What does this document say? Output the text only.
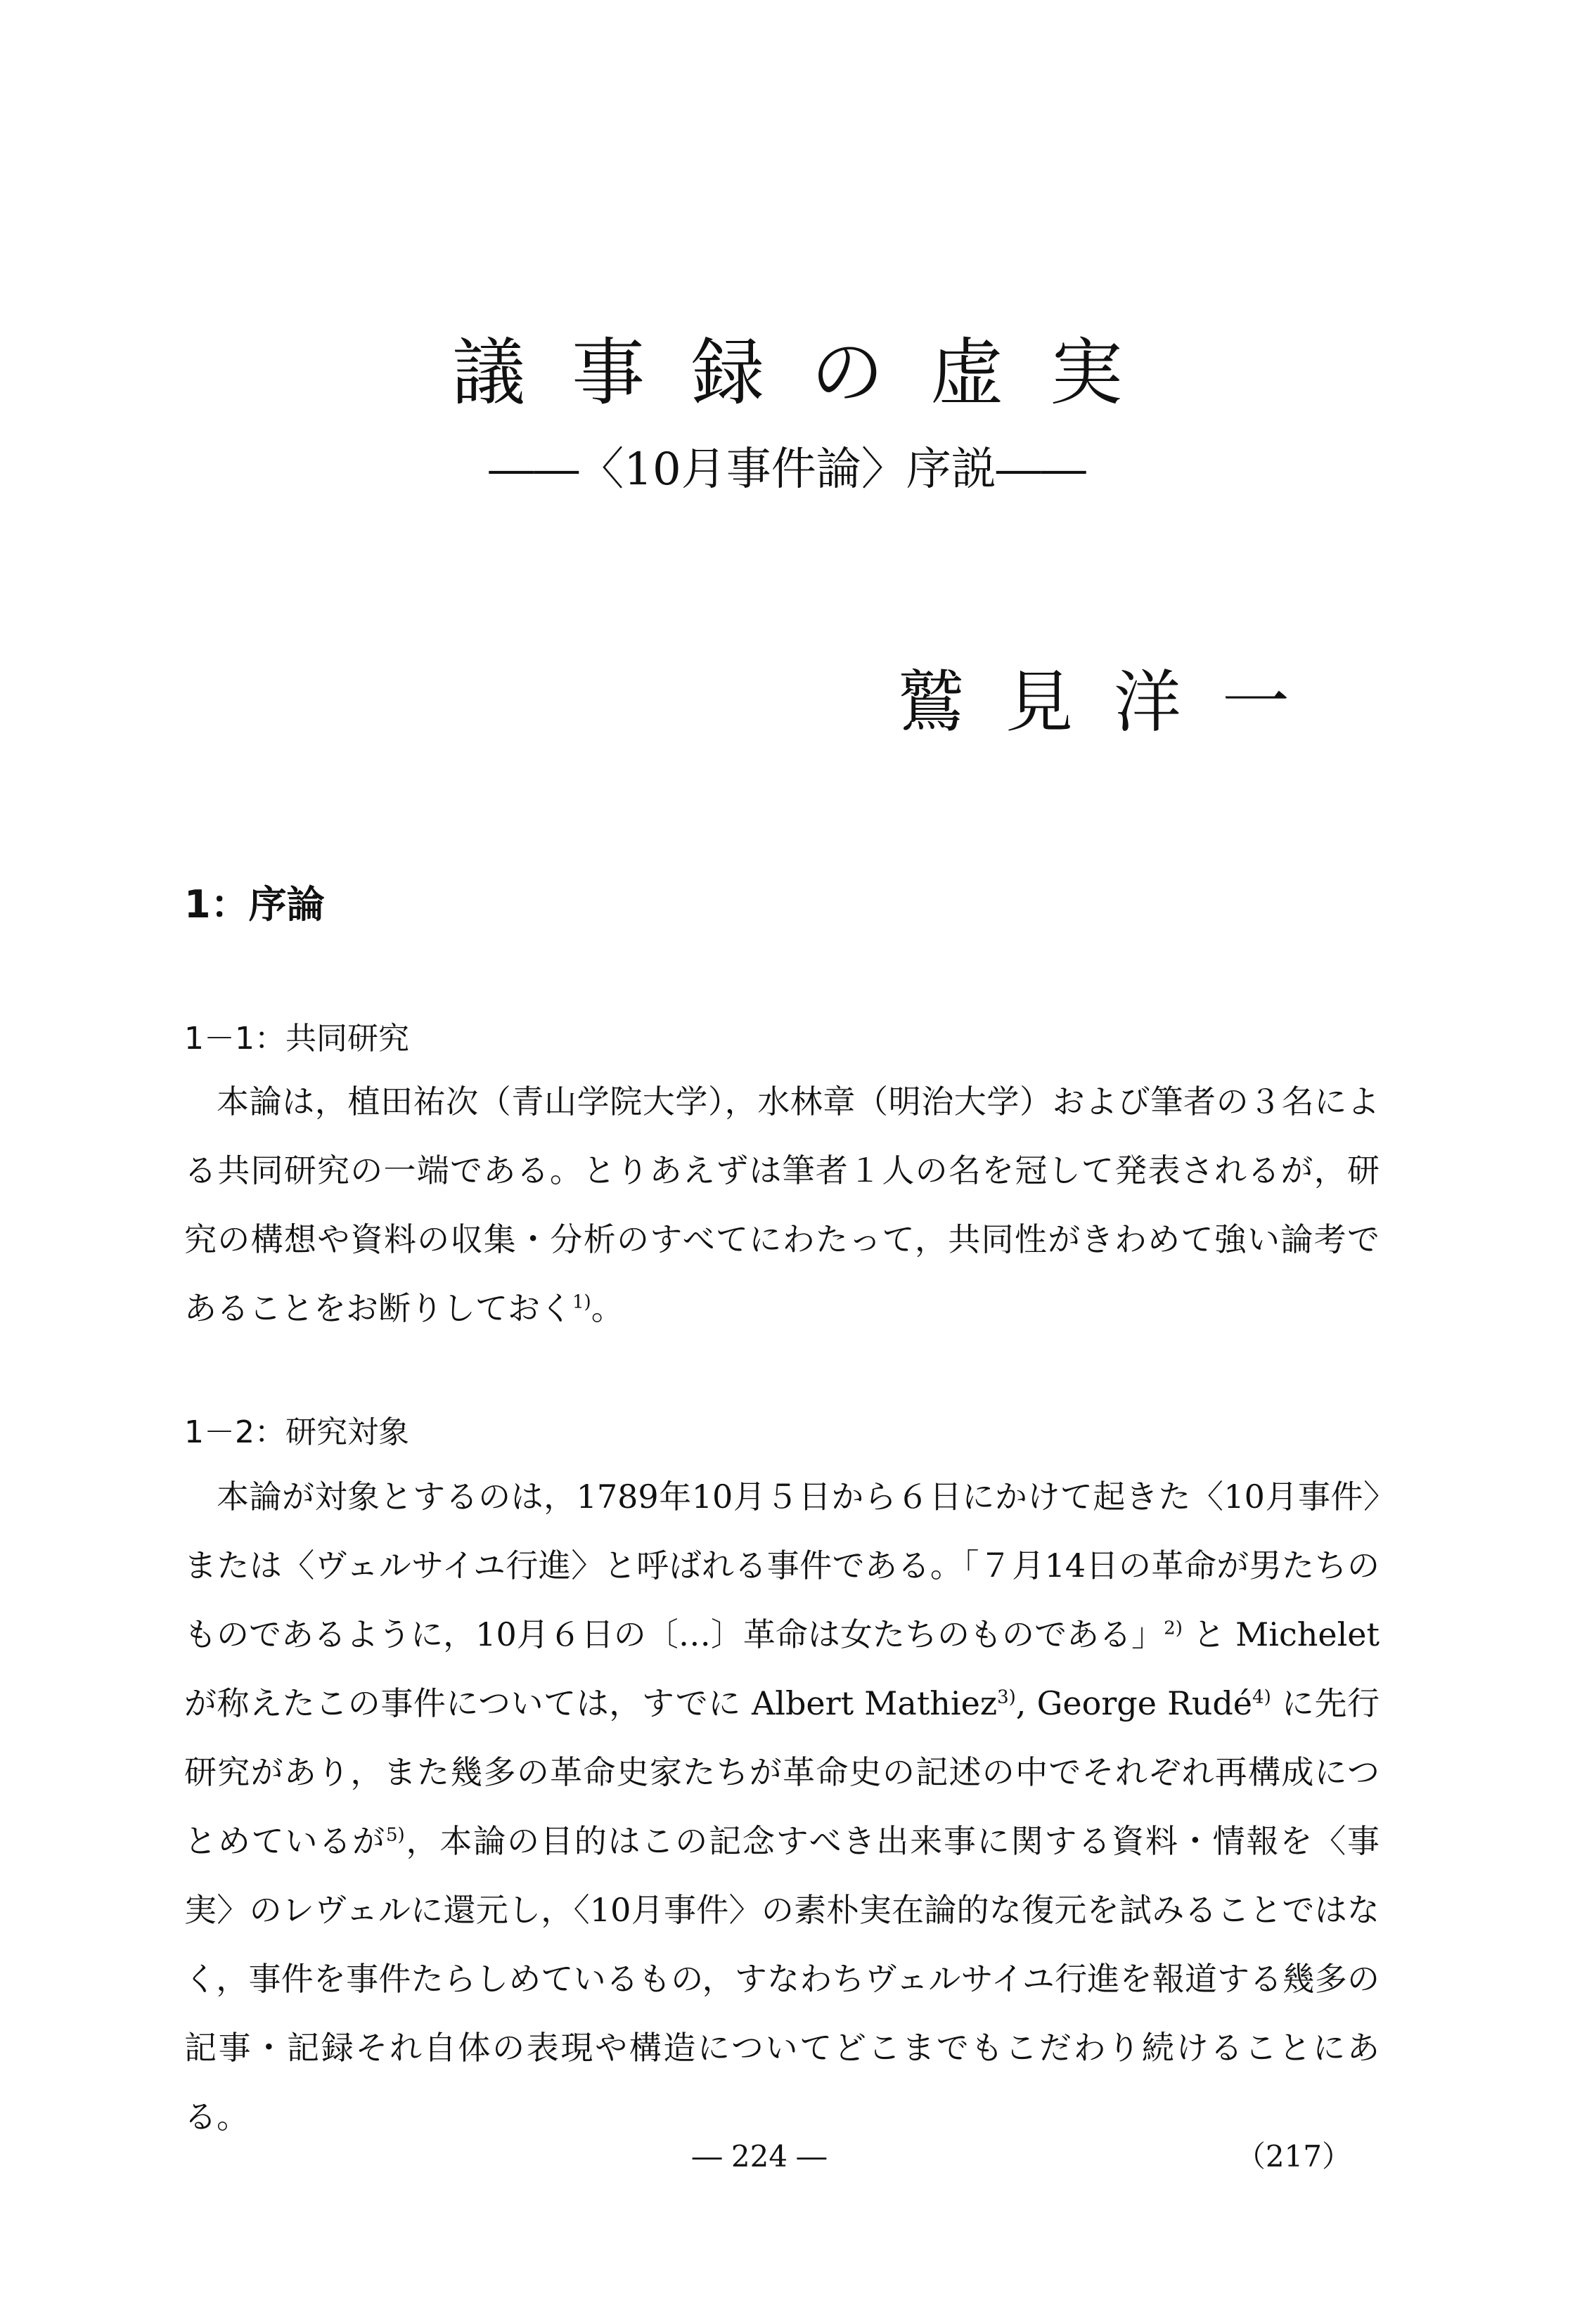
議事録の虚実
――〈10月事件論〉序説――
鷲見洋一
1：序論
1－1：共同研究

本論は，植田祐次（青山学院大学），水林章（明治大学）および筆者の３名による共同研究の一端である。とりあえずは筆者１人の名を冠して発表されるが，研究の構想や資料の収集・分析のすべてにわたって，共同性がきわめて強い論考であることをお断りしておく$^{1)}$。

1－2：研究対象

本論が対象とするのは，1789年10月５日から６日にかけて起きた〈10月事件〉または〈ヴェルサイユ行進〉と呼ばれる事件である。「７月14日の革命が男たちのものであるように，10月６日の〔…〕革命は女たちのものである」$^{2)}$ と Michelet が称えたこの事件については，すでに Albert Mathiez$^{3)}$, George Rudé$^{4)}$ に先行研究があり，また幾多の革命史家たちが革命史の記述の中でそれぞれ再構成につとめているが$^{5)}$，本論の目的はこの記念すべき出来事に関する資料・情報を〈事実〉のレヴェルに還元し，〈10月事件〉の素朴実在論的な復元を試みることではなく，事件を事件たらしめているもの，すなわちヴェルサイユ行進を報道する幾多の記事・記録それ自体の表現や構造についてどこまでもこだわり続けることにある。

― 224 ―	（217）
